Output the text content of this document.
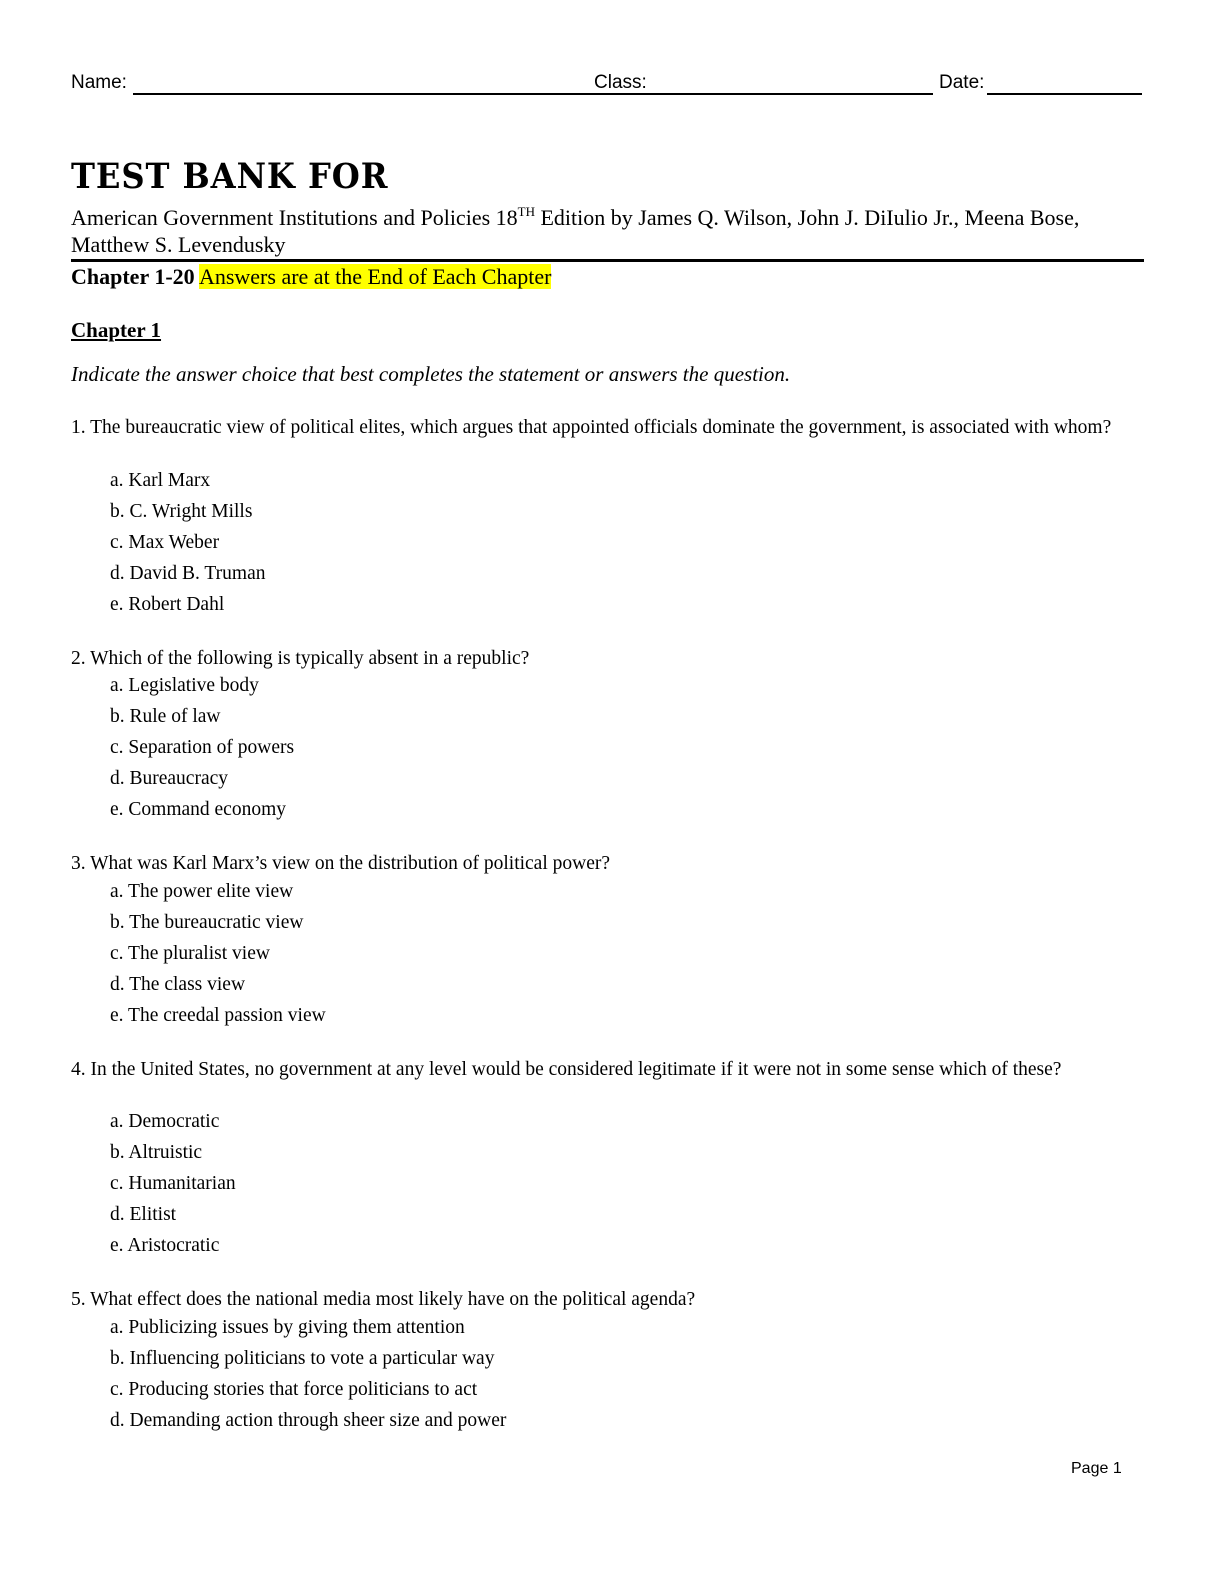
Name:	Class:	Date:
TEST BANK FOR
American Government Institutions and Policies 18TH Edition by James Q. Wilson, John J. DiIulio Jr., Meena Bose, Matthew S. Levendusky
Chapter 1-20 Answers are at the End of Each Chapter
Chapter 1
Indicate the answer choice that best completes the statement or answers the question.
1. The bureaucratic view of political elites, which argues that appointed officials dominate the government, is associated with whom?
a. Karl Marx
b. C. Wright Mills
c. Max Weber
d. David B. Truman
e. Robert Dahl
2. Which of the following is typically absent in a republic?
a. Legislative body
b. Rule of law
c. Separation of powers
d. Bureaucracy
e. Command economy
3. What was Karl Marx’s view on the distribution of political power?
a. The power elite view
b. The bureaucratic view
c. The pluralist view
d. The class view
e. The creedal passion view
4. In the United States, no government at any level would be considered legitimate if it were not in some sense which of these?
a. Democratic
b. Altruistic
c. Humanitarian
d. Elitist
e. Aristocratic
5. What effect does the national media most likely have on the political agenda?
a. Publicizing issues by giving them attention
b. Influencing politicians to vote a particular way
c. Producing stories that force politicians to act
d. Demanding action through sheer size and power
Page 1
